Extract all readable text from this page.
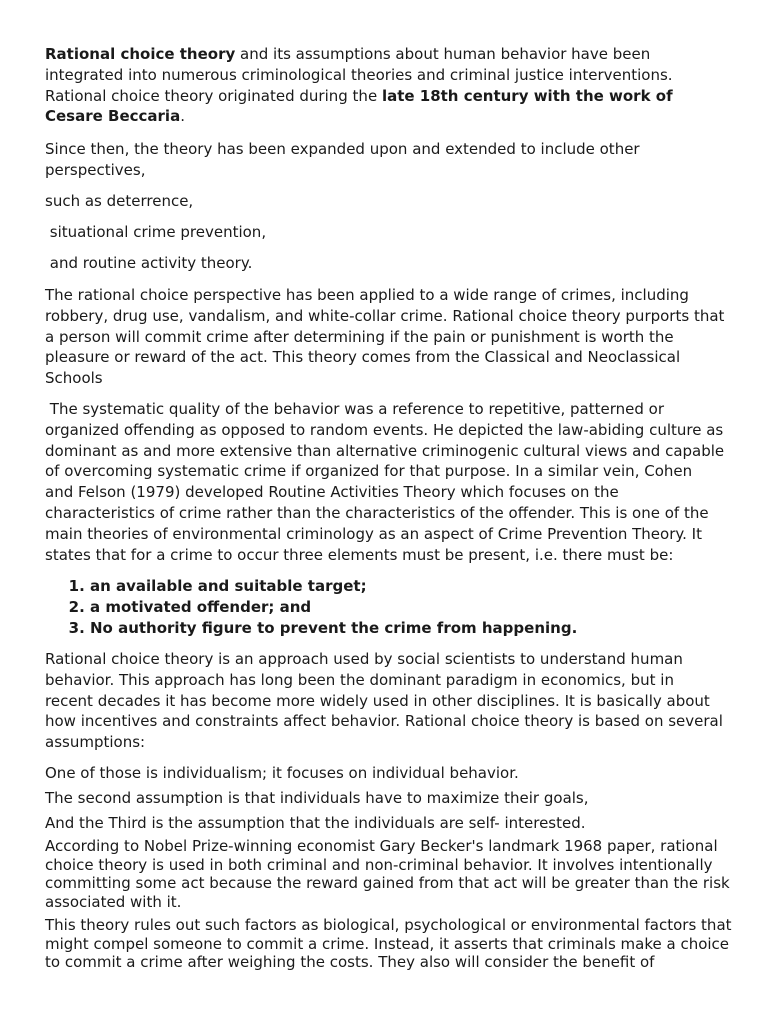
Rational choice theory and its assumptions about human behavior have been integrated into numerous criminological theories and criminal justice interventions. Rational choice theory originated during the late 18th century with the work of Cesare Beccaria.

Since then, the theory has been expanded upon and extended to include other perspectives,

such as deterrence,

situational crime prevention,

and routine activity theory.

The rational choice perspective has been applied to a wide range of crimes, including robbery, drug use, vandalism, and white-collar crime. Rational choice theory purports that a person will commit crime after determining if the pain or punishment is worth the pleasure or reward of the act. This theory comes from the Classical and Neoclassical Schools

The systematic quality of the behavior was a reference to repetitive, patterned or organized offending as opposed to random events. He depicted the law-abiding culture as dominant as and more extensive than alternative criminogenic cultural views and capable of overcoming systematic crime if organized for that purpose. In a similar vein, Cohen and Felson (1979) developed Routine Activities Theory which focuses on the characteristics of crime rather than the characteristics of the offender. This is one of the main theories of environmental criminology as an aspect of Crime Prevention Theory. It states that for a crime to occur three elements must be present, i.e. there must be:

1. an available and suitable target;
2. a motivated offender; and
3. No authority figure to prevent the crime from happening.

Rational choice theory is an approach used by social scientists to understand human behavior. This approach has long been the dominant paradigm in economics, but in recent decades it has become more widely used in other disciplines. It is basically about how incentives and constraints affect behavior. Rational choice theory is based on several assumptions:

One of those is individualism; it focuses on individual behavior.

The second assumption is that individuals have to maximize their goals,

And the Third is the assumption that the individuals are self- interested.

According to Nobel Prize-winning economist Gary Becker's landmark 1968 paper, rational choice theory is used in both criminal and non-criminal behavior. It involves intentionally committing some act because the reward gained from that act will be greater than the risk associated with it.

This theory rules out such factors as biological, psychological or environmental factors that might compel someone to commit a crime. Instead, it asserts that criminals make a choice to commit a crime after weighing the costs. They also will consider the benefit of
